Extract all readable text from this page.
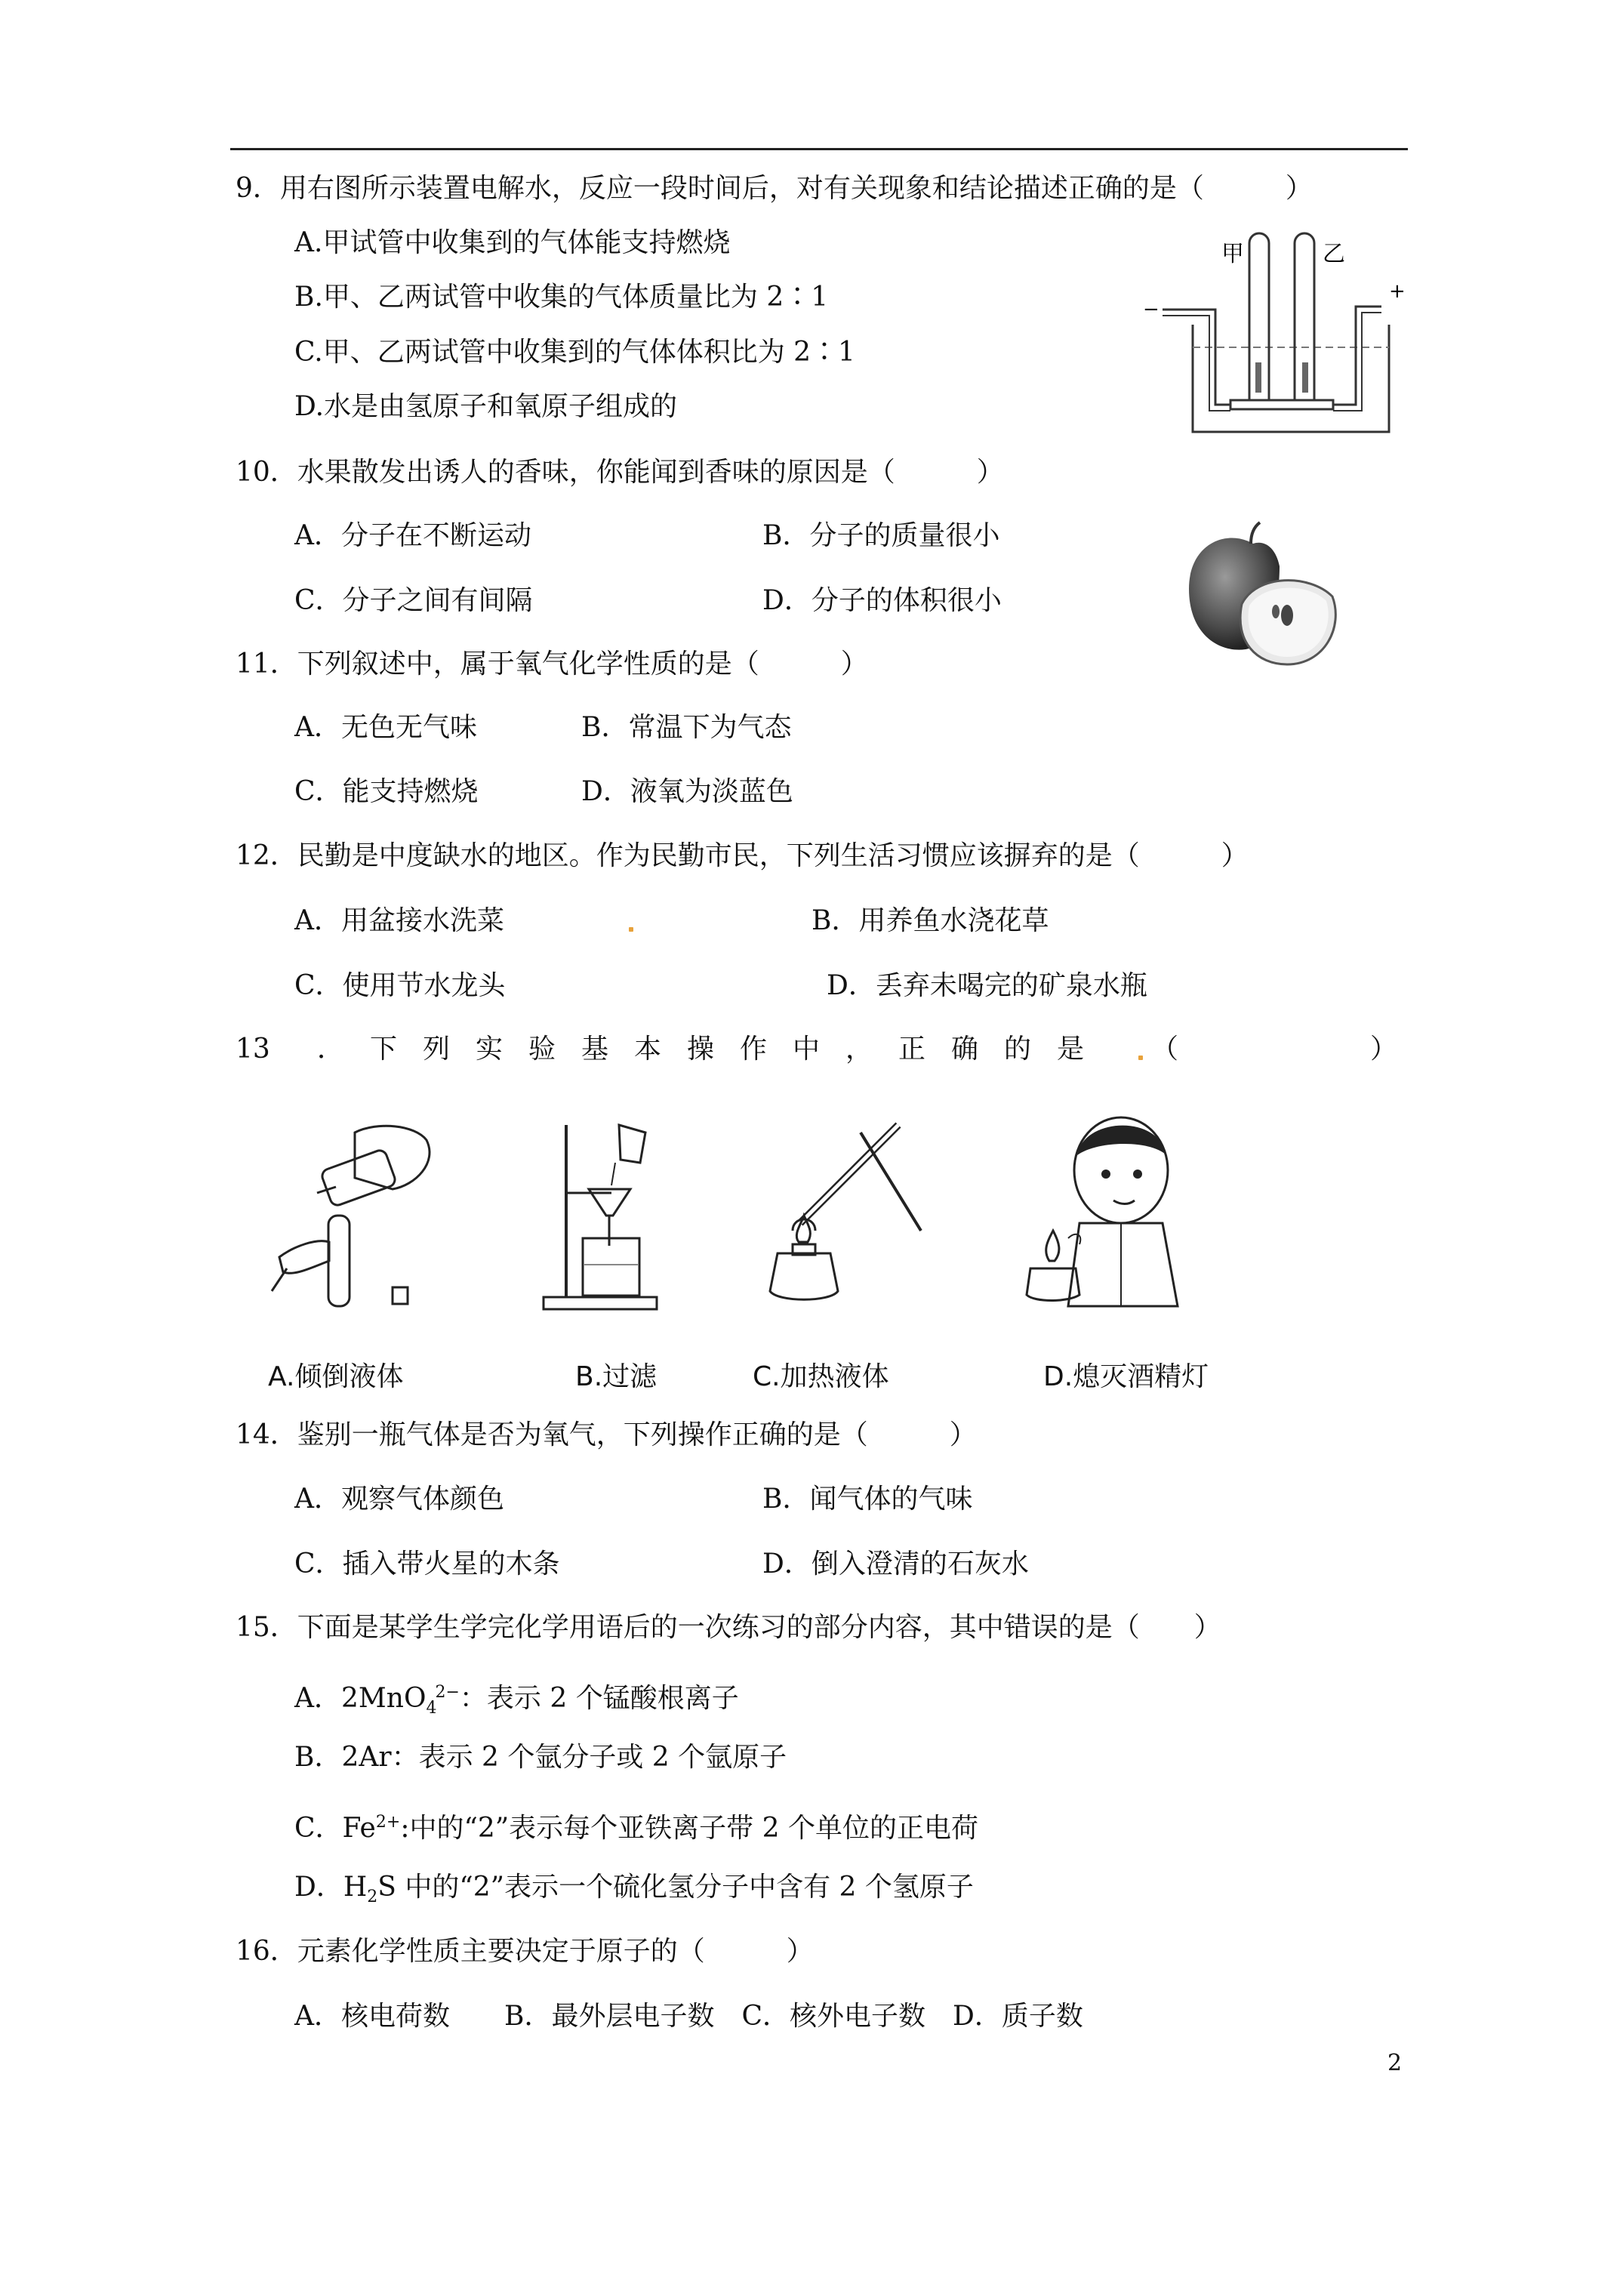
9．用右图所示装置电解水，反应一段时间后，对有关现象和结论描述正确的是（　　　）
A.甲试管中收集到的气体能支持燃烧
B.甲、乙两试管中收集的气体质量比为 2∶1
C.甲、乙两试管中收集到的气体体积比为 2∶1
D.水是由氢原子和氧原子组成的
甲	乙
−
+
10．水果散发出诱人的香味，你能闻到香味的原因是（　　　）
A．分子在不断运动	B．分子的质量很小
C．分子之间有间隔	D．分子的体积很小
11．下列叙述中，属于氧气化学性质的是（　　　）
A．无色无气味	B．常温下为气态
C．能支持燃烧	D．液氧为淡蓝色
12．民勤是中度缺水的地区。作为民勤市民，下列生活习惯应该摒弃的是（　　　）
A．用盆接水洗菜	B．用养鱼水浇花草
C．使用节水龙头	D．丢弃未喝完的矿泉水瓶
13 ．下列实验基本操作中，正确的是 （	）
A.倾倒液体	B.过滤	C.加热液体	D.熄灭酒精灯
14．鉴别一瓶气体是否为氧气，下列操作正确的是（　　　）
A．观察气体颜色	B．闻气体的气味
C．插入带火星的木条	D．倒入澄清的石灰水
15．下面是某学生学完化学用语后的一次练习的部分内容，其中错误的是（　　）
A．2MnO$_4^{2-}$：表示 2 个锰酸根离子
B．2Ar：表示 2 个氩分子或 2 个氩原子
C．$Fe^{2+}$:中的“2”表示每个亚铁离子带 2 个单位的正电荷
D．$H_2S$ 中的“2”表示一个硫化氢分子中含有 2 个氢原子
16．元素化学性质主要决定于原子的（　　　）
A．核电荷数　　B．最外层电子数　C．核外电子数　D．质子数
2
